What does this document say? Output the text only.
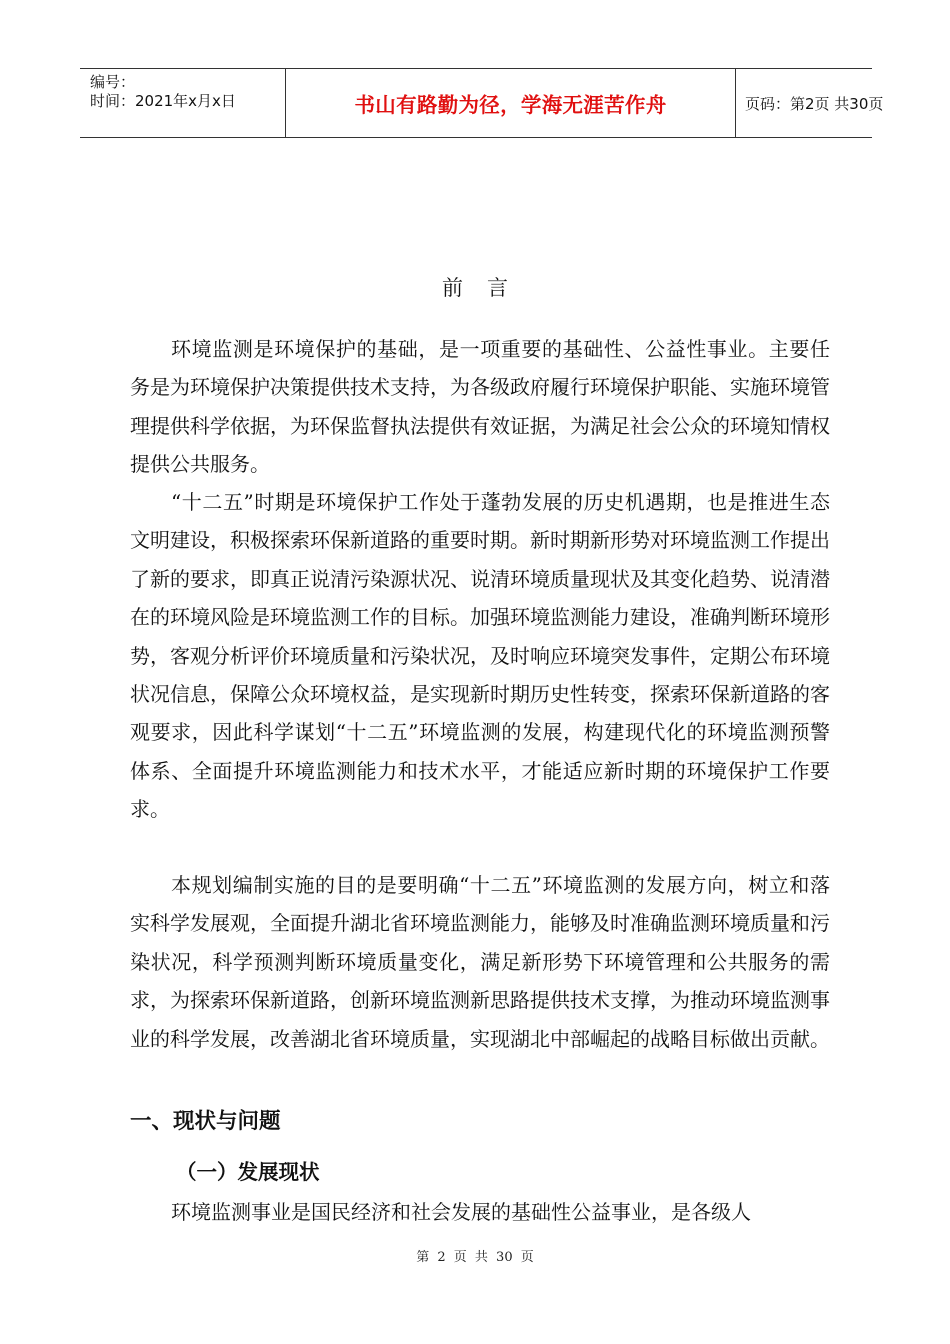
编号：
时间：2021年x月x日	书山有路勤为径，学海无涯苦作舟	页码：第2页 共30页
前言

环境监测是环境保护的基础，是一项重要的基础性、公益性事业。主要任务是为环境保护决策提供技术支持，为各级政府履行环境保护职能、实施环境管理提供科学依据，为环保监督执法提供有效证据，为满足社会公众的环境知情权提供公共服务。

“十二五”时期是环境保护工作处于蓬勃发展的历史机遇期，也是推进生态文明建设，积极探索环保新道路的重要时期。新时期新形势对环境监测工作提出了新的要求，即真正说清污染源状况、说清环境质量现状及其变化趋势、说清潜在的环境风险是环境监测工作的目标。加强环境监测能力建设，准确判断环境形势，客观分析评价环境质量和污染状况，及时响应环境突发事件，定期公布环境状况信息，保障公众环境权益，是实现新时期历史性转变，探索环保新道路的客观要求，因此科学谋划“十二五”环境监测的发展，构建现代化的环境监测预警体系、全面提升环境监测能力和技术水平，才能适应新时期的环境保护工作要求。

本规划编制实施的目的是要明确“十二五”环境监测的发展方向，树立和落实科学发展观，全面提升湖北省环境监测能力，能够及时准确监测环境质量和污染状况，科学预测判断环境质量变化，满足新形势下环境管理和公共服务的需求，为探索环保新道路，创新环境监测新思路提供技术支撑，为推动环境监测事业的科学发展，改善湖北省环境质量，实现湖北中部崛起的战略目标做出贡献。

一、现状与问题
（一）发展现状

环境监测事业是国民经济和社会发展的基础性公益事业，是各级人

第 2 页 共 30 页
